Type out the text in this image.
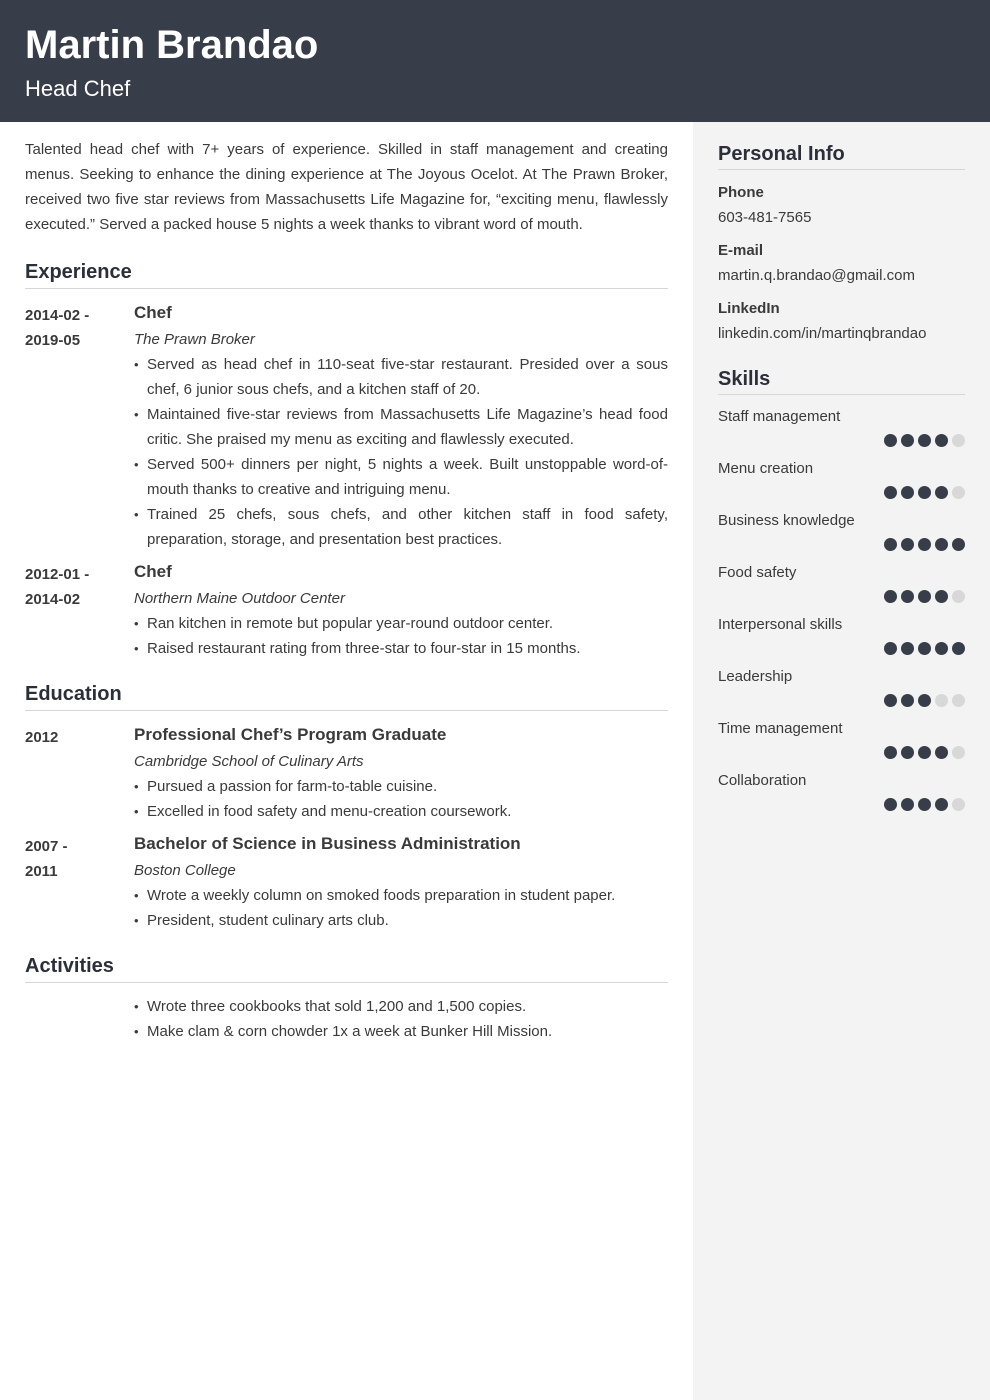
Martin Brandao
Head Chef

Talented head chef with 7+ years of experience. Skilled in staff management and creating menus. Seeking to enhance the dining experience at The Joyous Ocelot. At The Prawn Broker, received two five star reviews from Massachusetts Life Magazine for, “exciting menu, flawlessly executed.” Served a packed house 5 nights a week thanks to vibrant word of mouth.

Experience
2014-02 -
2019-05
Chef
The Prawn Broker
• Served as head chef in 110-seat five-star restaurant. Presided over a sous chef, 6 junior sous chefs, and a kitchen staff of 20.
• Maintained five-star reviews from Massachusetts Life Magazine’s head food critic. She praised my menu as exciting and flawlessly executed.
• Served 500+ dinners per night, 5 nights a week. Built unstoppable word-of-mouth thanks to creative and intriguing menu.
• Trained 25 chefs, sous chefs, and other kitchen staff in food safety, preparation, storage, and presentation best practices.
2012-01 -
2014-02
Chef
Northern Maine Outdoor Center
• Ran kitchen in remote but popular year-round outdoor center.
• Raised restaurant rating from three-star to four-star in 15 months.
Education
2012	Professional Chef’s Program Graduate
Cambridge School of Culinary Arts
• Pursued a passion for farm-to-table cuisine.
• Excelled in food safety and menu-creation coursework.
2007 -
2011
Bachelor of Science in Business Administration
Boston College
• Wrote a weekly column on smoked foods preparation in student paper.
• President, student culinary arts club.
Activities
• Wrote three cookbooks that sold 1,200 and 1,500 copies.
• Make clam & corn chowder 1x a week at Bunker Hill Mission.
Personal Info
Phone
603-481-7565
E-mail
martin.q.brandao@gmail.com
LinkedIn
linkedin.com/in/martinqbrandao
Skills
Staff management
Menu creation
Business knowledge
Food safety
Interpersonal skills
Leadership
Time management
Collaboration
